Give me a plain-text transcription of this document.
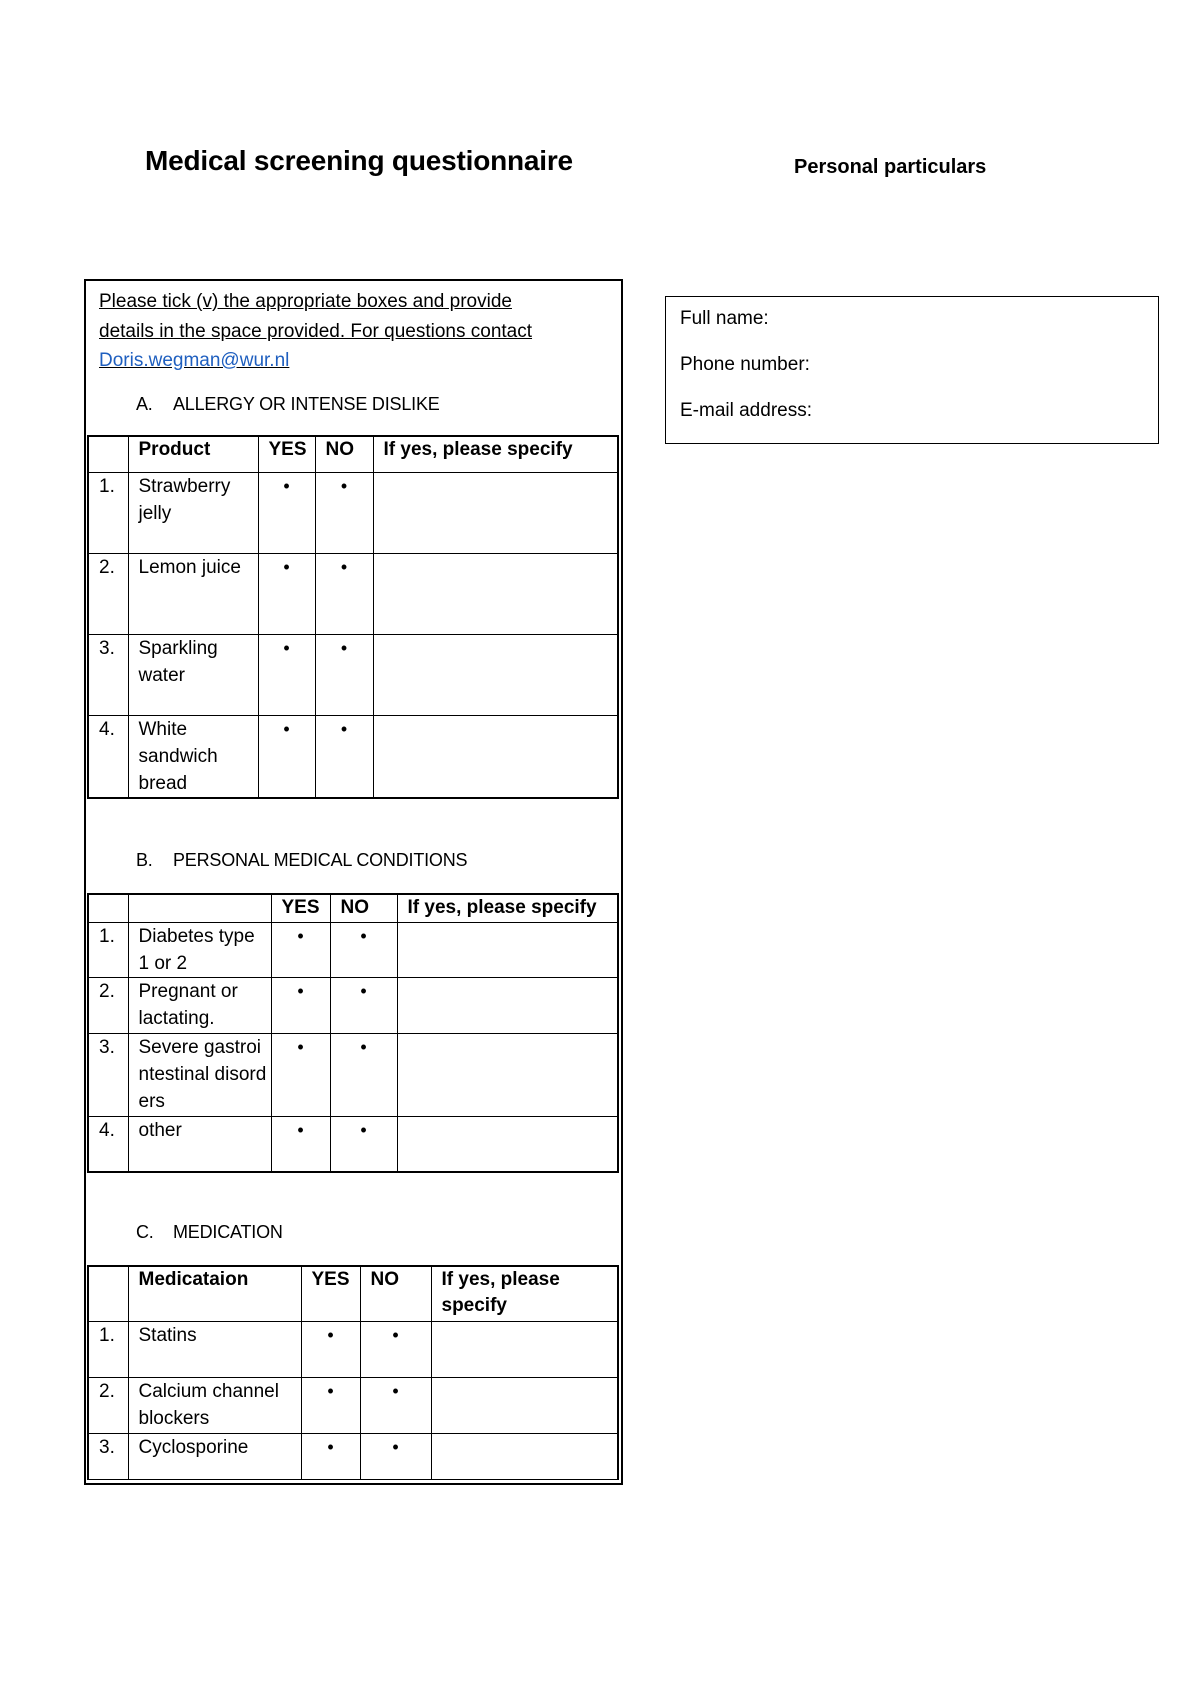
Medical screening questionnaire	Personal particulars
Please tick (v) the appropriate boxes and provide
details in the space provided. For questions contact
Doris.wegman@wur.nl
A. ALLERGY OR INTENSE DISLIKE
	Product	YES	NO	If yes, please specify
1.	Strawberry jelly	•	•	
2.	Lemon juice	•	•	
3.	Sparkling water	•	•	
4.	White sandwich bread	•	•	
B. PERSONAL MEDICAL CONDITIONS
		YES	NO	If yes, please specify
1.	Diabetes type 1 or 2	•	•	
2.	Pregnant or lactating.	•	•	
3.	Severe gastrointestinal disorders	•	•	
4.	other	•	•	
C. MEDICATION
	Medicataion	YES	NO	If yes, please specify
1.	Statins	•	•	
2.	Calcium channel blockers	•	•	
3.	Cyclosporine	•	•	
Full name:
Phone number:
E-mail address:
